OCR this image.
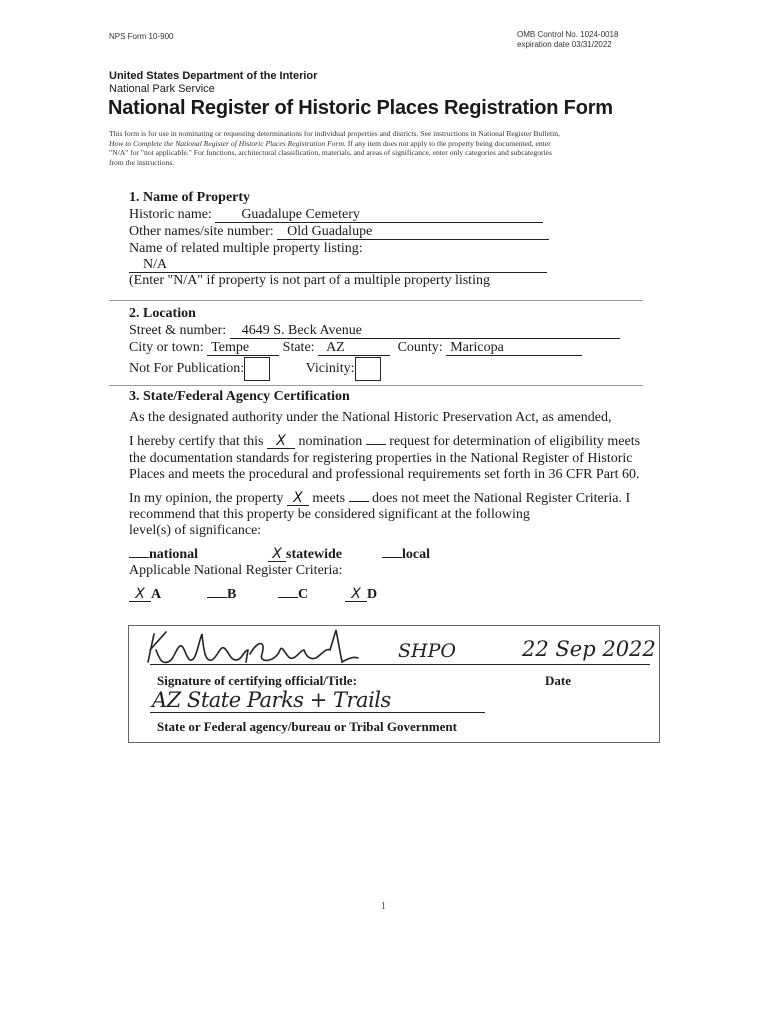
NPS Form 10-900	OMB Control No. 1024-0018
expiration date 03/31/2022
United States Department of the Interior
National Park Service
National Register of Historic Places Registration Form
This form is for use in nominating or requesting determinations for individual properties and districts. See instructions in National Register Bulletin,
How to Complete the National Register of Historic Places Registration Form. If any item does not apply to the property being documented, enter
"N/A" for "not applicable." For functions, architectural classification, materials, and areas of significance, enter only categories and subcategories
from the instructions.
1. Name of Property
Historic name: Guadalupe Cemetery
Other names/site number: Old Guadalupe
Name of related multiple property listing:
N/A
(Enter "N/A" if property is not part of a multiple property listing
2. Location
Street & number: 4649 S. Beck Avenue
City or town: Tempe State: AZ	County: Maricopa
Not For Publication:	Vicinity:
3. State/Federal Agency Certification
As the designated authority under the National Historic Preservation Act, as amended,
I hereby certify that this X nomination request for determination of eligibility meets
the documentation standards for registering properties in the National Register of Historic
Places and meets the procedural and professional requirements set forth in 36 CFR Part 60.
In my opinion, the property X meets does not meet the National Register Criteria. I
recommend that this property be considered significant at the following
level(s) of significance:
national	X statewide	local
Applicable National Register Criteria:
X A	B	C	X D
SHPO	22 Sep 2022
Signature of certifying official/Title:	Date
AZ State Parks + Trails
State or Federal agency/bureau or Tribal Government
1
